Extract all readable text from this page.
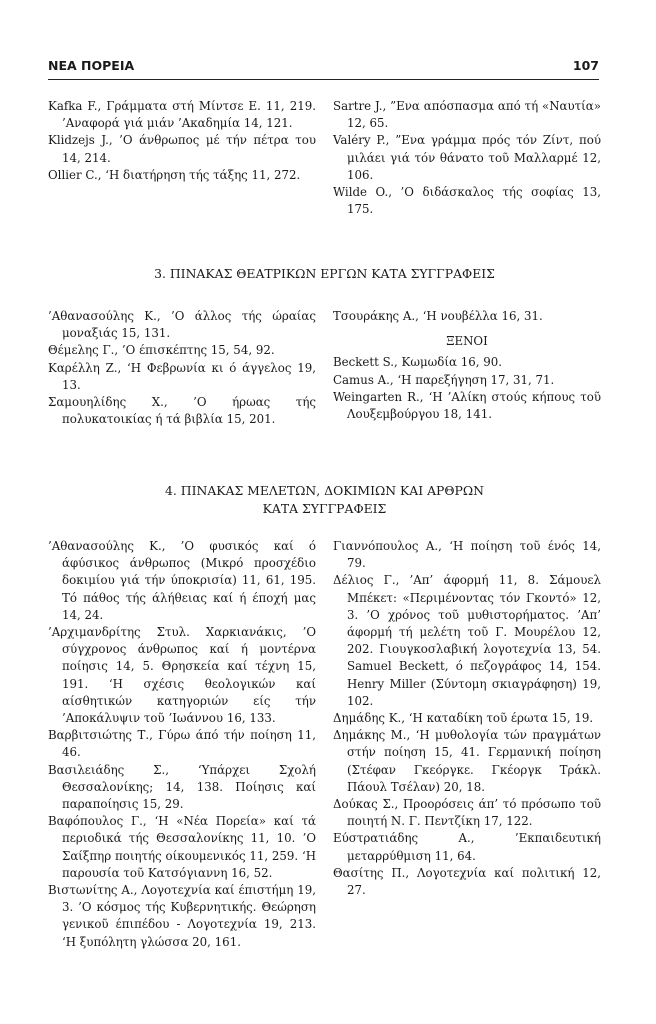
ΝΕΑ ΠΟΡΕΙΑ	107
Kafka F., Γράμματα στή Μίντσε Ε. 11, 219. ’Αναφορά γιά μιάν ’Ακαδημία 14, 121.
Klidzejs J., ’Ο άνθρωπος μέ τήν πέτρα του 14, 214.
Ollier C., ‘Η διατήρηση τής τάξης 11, 272.
Sartre J., ”Ενα απόσπασμα από τή «Ναυτία» 12, 65.
Valéry P., ”Ενα γράμμα πρός τόν Ζίντ, πού μιλάει γιά τόν θάνατο τοῦ Μαλλαρμέ 12, 106.
Wilde O., ’Ο διδάσκαλος τής σοφίας 13, 175.
3. ΠΙΝΑΚΑΣ ΘΕΑΤΡΙΚΩΝ ΕΡΓΩΝ ΚΑΤΑ ΣΥΓΓΡΑΦΕΙΣ
’Αθανασούλης Κ., ’Ο άλλος τής ώραίας μοναξιάς 15, 131.
Θέμελης Γ., ’Ο έπισκέπτης 15, 54, 92.
Καρέλλη Ζ., ‘Η Φεβρωνία κι ό άγγελος 19, 13.
Σαμουηλίδης Χ., ’Ο ήρωας τής πολυκατοικίας ή τά βιβλία 15, 201.
Τσουράκης Α., ‘Η νουβέλλα 16, 31.
ΞΕΝΟΙ
Beckett S., Κωμωδία 16, 90.
Camus A., ‘Η παρεξήγηση 17, 31, 71.
Weingarten R., ‘Η ’Αλίκη στούς κήπους τοῦ Λουξεμβούργου 18, 141.
4. ΠΙΝΑΚΑΣ ΜΕΛΕΤΩΝ, ΔΟΚΙΜΙΩΝ ΚΑΙ ΑΡΘΡΩΝ
ΚΑΤΑ ΣΥΓΓΡΑΦΕΙΣ
’Αθανασούλης Κ., ’Ο φυσικός καί ό άφύσικος άνθρωπος (Μικρό προσχέδιο δοκιμίου γιά τήν ύποκρισία) 11, 61, 195. Τό πάθος τής άλήθειας καί ή έποχή μας 14, 24.
’Αρχιμανδρίτης Στυλ. Χαρκιανάκις, ’Ο σύγχρονος άνθρωπος καί ή μοντέρνα ποίησις 14, 5. Θρησκεία καί τέχνη 15, 191. ‘Η σχέσις θεολογικών καί αίσθητικών κατηγοριών είς τήν ’Αποκάλυψιν τοῦ ’Ιωάννου 16, 133.
Βαρβιτσιώτης Τ., Γύρω άπό τήν ποίηση 11, 46.
Βασιλειάδης Σ., ‘Υπάρχει Σχολή Θεσσαλονίκης; 14, 138. Ποίησις καί παραποίησις 15, 29.
Βαφόπουλος Γ., ‘Η «Νέα Πορεία» καί τά περιοδικά τής Θεσσαλονίκης 11, 10. ’Ο Σαίξπηρ ποιητής οίκουμενικός 11, 259. ‘Η παρουσία τοῦ Κατσόγιαννη 16, 52.
Βιστωνίτης Α., Λογοτεχνία καί έπιστήμη 19, 3. ’Ο κόσμος τής Κυβερνητικής. Θεώρηση γενικοῦ έπιπέδου - Λογοτεχνία 19, 213. ‘Η ξυπόλητη γλώσσα 20, 161.
Γιαννόπουλος Α., ‘Η ποίηση τοῦ ένός 14, 79.
Δέλιος Γ., ’Απ’ άφορμή 11, 8. Σάμουελ Μπέκετ: «Περιμένοντας τόν Γκοντό» 12, 3. ’Ο χρόνος τοῦ μυθιστορήματος. ’Απ’ άφορμή τή μελέτη τοῦ Γ. Μουρέλου 12, 202. Γιουγκοσλαβική λογοτεχνία 13, 54. Samuel Beckett, ό πεζογράφος 14, 154. Henry Miller (Σύντομη σκιαγράφηση) 19, 102.
Δημάδης Κ., ‘Η καταδίκη τοῦ έρωτα 15, 19.
Δημάκης Μ., ‘Η μυθολογία τών πραγμάτων στήν ποίηση 15, 41. Γερμανική ποίηση (Στέφαν Γκεόργκε. Γκέοργκ Τράκλ. Πάουλ Τσέλαν) 20, 18.
Δούκας Σ., Προορόσεις άπ’ τό πρόσωπο τοῦ ποιητή Ν. Γ. Πεντζίκη 17, 122.
Εύστρατιάδης Α., ’Εκπαιδευτική μεταρρύθμιση 11, 64.
Θασίτης Π., Λογοτεχνία καί πολιτική 12, 27.
